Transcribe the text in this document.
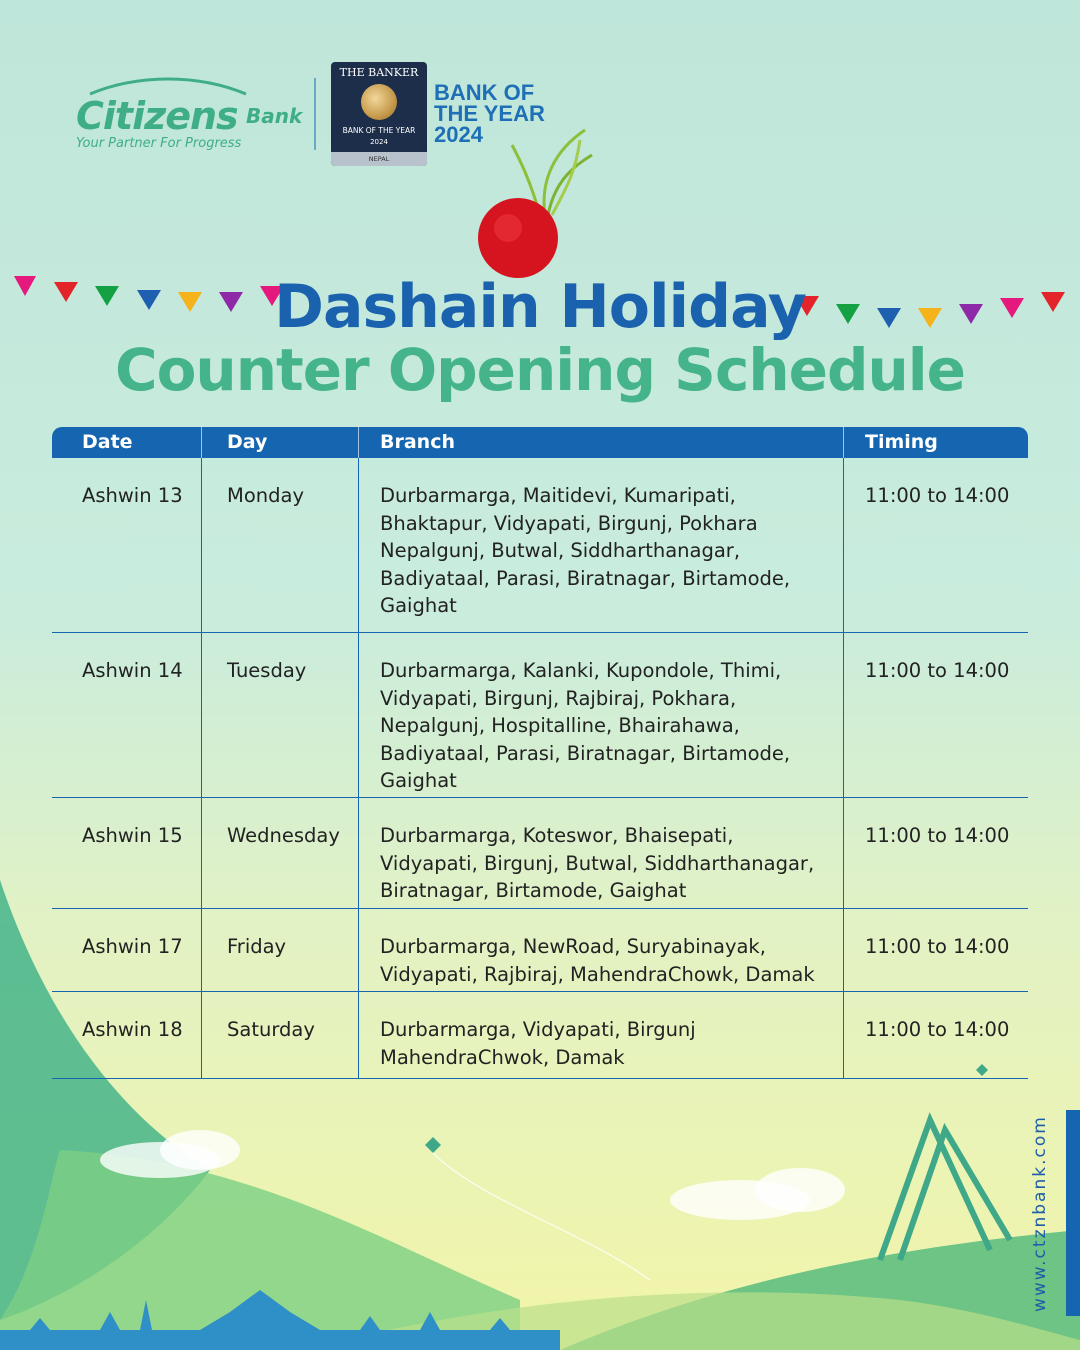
Citizens Bank
Your Partner For Progress
THE BANKER
BANK OF THE YEAR
2024
NEPAL
BANK OF
THE YEAR
2024
Dashain Holiday
Counter Opening Schedule
Date	Day	Branch	Timing
Ashwin 13	Monday	Durbarmarga, Maitidevi, Kumaripati,
Bhaktapur, Vidyapati, Birgunj, Pokhara
Nepalgunj, Butwal, Siddharthanagar,
Badiyataal, Parasi, Biratnagar, Birtamode,
Gaighat
11:00 to 14:00
Ashwin 14	Tuesday	Durbarmarga, Kalanki, Kupondole, Thimi,
Vidyapati, Birgunj, Rajbiraj, Pokhara,
Nepalgunj, Hospitalline, Bhairahawa,
Badiyataal, Parasi, Biratnagar, Birtamode,
Gaighat
11:00 to 14:00
Ashwin 15	Wednesday	Durbarmarga, Koteswor, Bhaisepati,
Vidyapati, Birgunj, Butwal, Siddharthanagar,
Biratnagar, Birtamode, Gaighat
11:00 to 14:00
Ashwin 17	Friday	Durbarmarga, NewRoad, Suryabinayak,
Vidyapati, Rajbiraj, MahendraChowk, Damak
11:00 to 14:00
Ashwin 18	Saturday	Durbarmarga, Vidyapati, Birgunj
MahendraChwok, Damak
11:00 to 14:00
www.ctznbank.com
